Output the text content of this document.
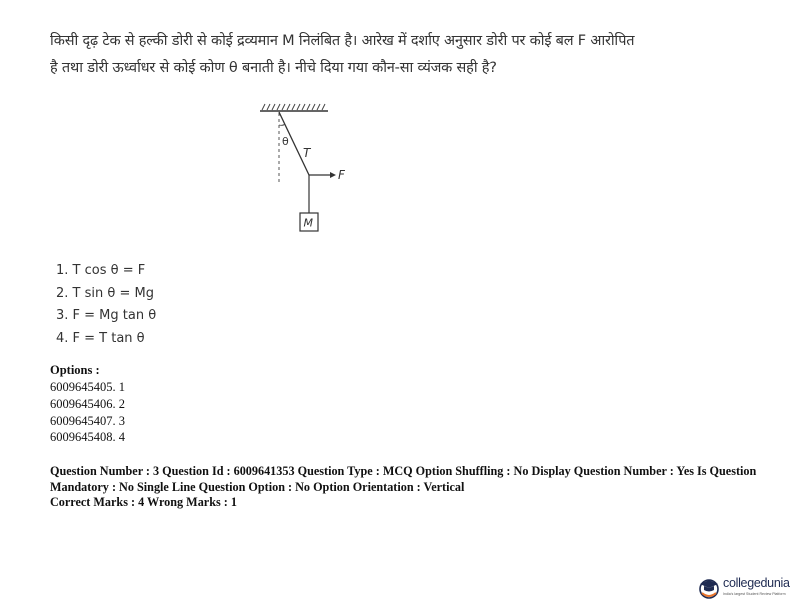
किसी दृढ़ टेक से हल्की डोरी से कोई द्रव्यमान M निलंबित है। आरेख में दर्शाए अनुसार डोरी पर कोई बल F आरोपित
है तथा डोरी ऊर्ध्वाधर से कोई कोण θ बनाती है। नीचे दिया गया कौन-सा व्यंजक सही है?
θ
T
F
M
1. T cos θ = F
2. T sin θ = Mg
3. F = Mg tan θ
4. F = T tan θ
Options :
6009645405. 1
6009645406. 2
6009645407. 3
6009645408. 4
Question Number : 3 Question Id : 6009641353 Question Type : MCQ Option Shuffling : No Display Question Number : Yes Is Question Mandatory : No Single Line Question Option : No Option Orientation : Vertical
Correct Marks : 4 Wrong Marks : 1
collegedunia
India's largest Student Review Platform
